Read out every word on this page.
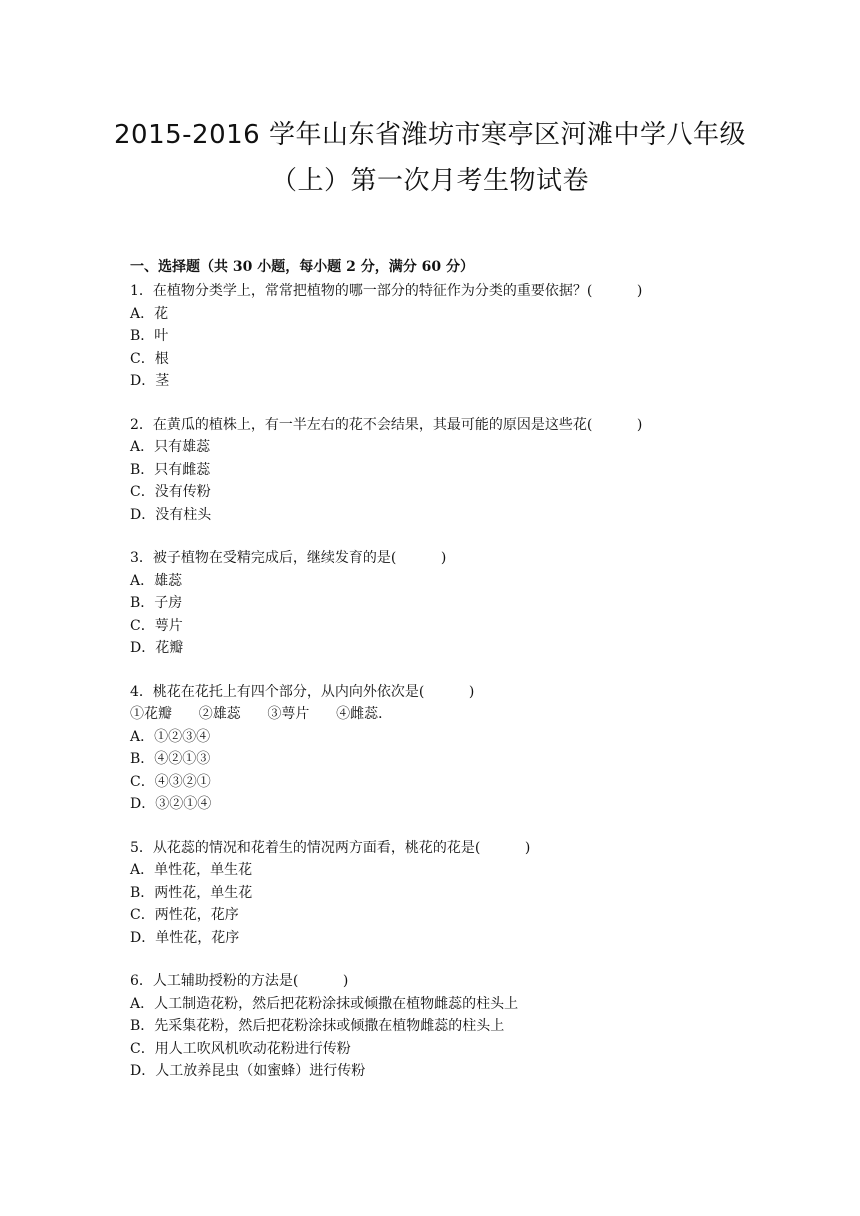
2015-2016 学年山东省潍坊市寒亭区河滩中学八年级
（上）第一次月考生物试卷
一、选择题（共 30 小题，每小题 2 分，满分 60 分）
1．在植物分类学上，常常把植物的哪一部分的特征作为分类的重要依据？(          )
A．花
B．叶
C．根
D．茎
2．在黄瓜的植株上，有一半左右的花不会结果，其最可能的原因是这些花(          )
A．只有雄蕊
B．只有雌蕊
C．没有传粉
D．没有柱头
3．被子植物在受精完成后，继续发育的是(          )
A．雄蕊
B．子房
C．萼片
D．花瓣
4．桃花在花托上有四个部分，从内向外依次是(          )
①花瓣      ②雄蕊      ③萼片      ④雌蕊．
A．①②③④
B．④②①③
C．④③②①
D．③②①④
5．从花蕊的情况和花着生的情况两方面看，桃花的花是(          )
A．单性花，单生花
B．两性花，单生花
C．两性花，花序
D．单性花，花序
6．人工辅助授粉的方法是(          )
A．人工制造花粉，然后把花粉涂抹或倾撒在植物雌蕊的柱头上
B．先采集花粉，然后把花粉涂抹或倾撒在植物雌蕊的柱头上
C．用人工吹风机吹动花粉进行传粉
D．人工放养昆虫（如蜜蜂）进行传粉
